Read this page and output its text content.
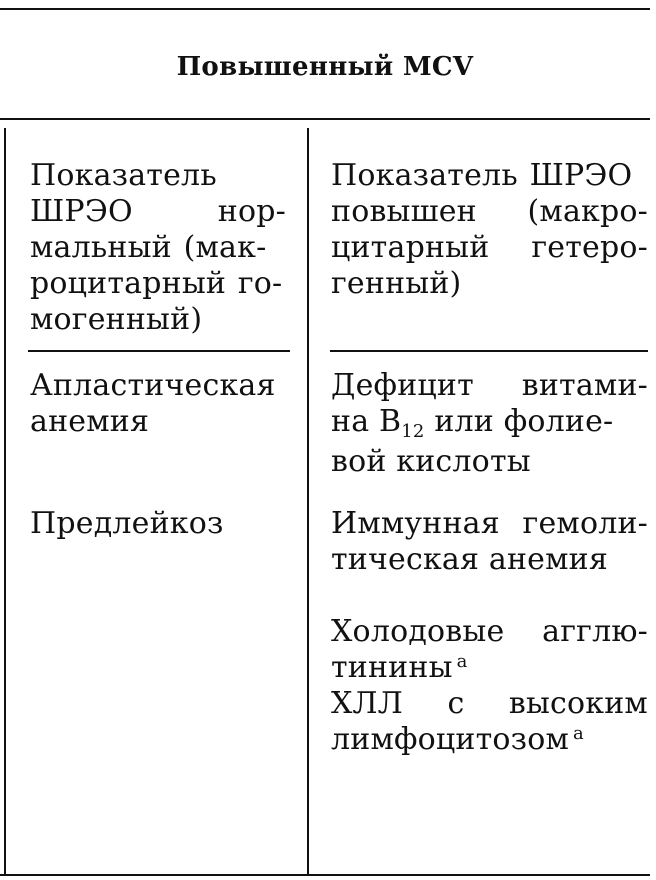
Повышенный MCV
Показатель
ШРЭО	нор-
мальный (мак-
роцитарный го-
могенный)
Показатель ШРЭО
повышен (макро-
цитарный гетеро-
генный)
Апластическая
анемия
Предлейкоз
Дефицит витами-
на $B_{12}$ или фолие-
вой кислоты
Иммунная гемоли-
тическая анемия
Холодовые агглю-
тинины $^а$
ХЛЛ с высоким
лимфоцитозом $^а$
